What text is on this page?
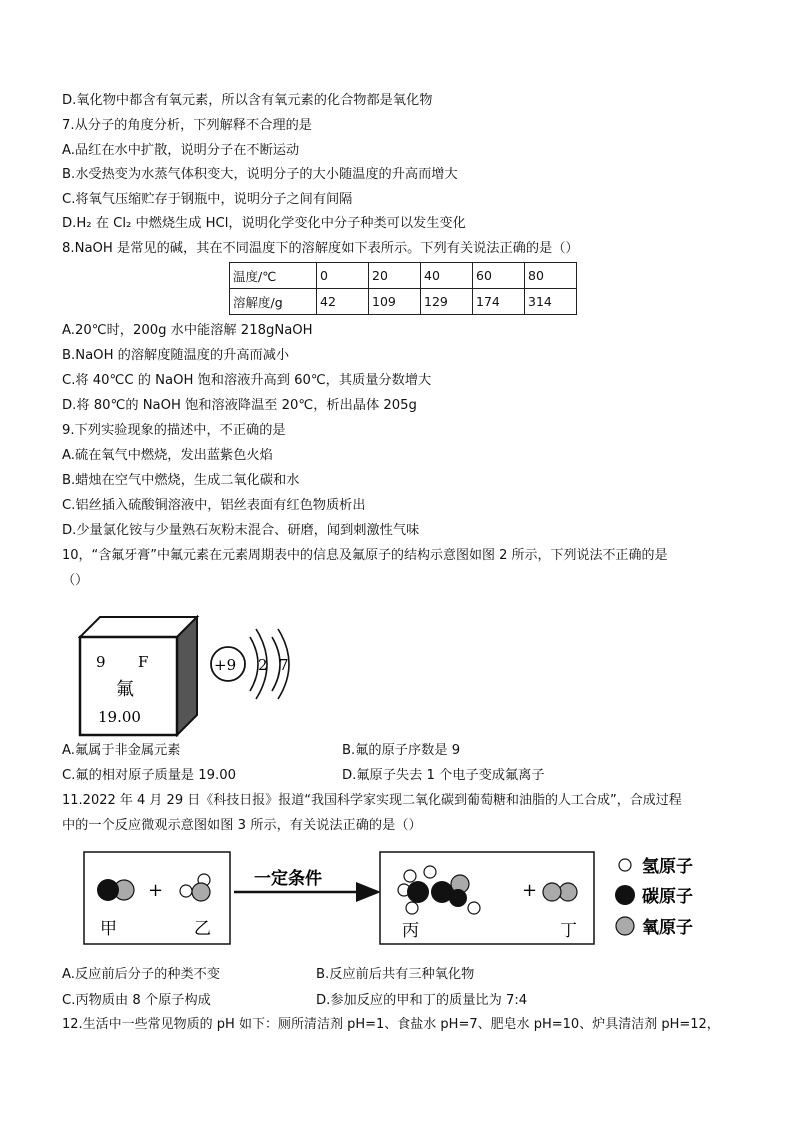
D.氧化物中都含有氧元素，所以含有氧元素的化合物都是氧化物
7.从分子的角度分析，下列解释不合理的是
A.品红在水中扩散，说明分子在不断运动
B.水受热变为水蒸气体积变大，说明分子的大小随温度的升高而增大
C.将氧气压缩贮存于钢瓶中，说明分子之间有间隔
D.H₂ 在 Cl₂ 中燃烧生成 HCl，说明化学变化中分子种类可以发生变化
8.NaOH 是常见的碱，其在不同温度下的溶解度如下表所示。下列有关说法正确的是（）
温度/℃	0	20	40	60	80
溶解度/g	42	109	129	174	314
A.20℃时，200g 水中能溶解 218gNaOH
B.NaOH 的溶解度随温度的升高而减小
C.将 40℃C 的 NaOH 饱和溶液升高到 60℃，其质量分数增大
D.将 80℃的 NaOH 饱和溶液降温至 20℃，析出晶体 205g
9.下列实验现象的描述中，不正确的是
A.硫在氧气中燃烧，发出蓝紫色火焰
B.蜡烛在空气中燃烧，生成二氧化碳和水
C.铝丝插入硫酸铜溶液中，铝丝表面有红色物质析出
D.少量氯化铵与少量熟石灰粉末混合、研磨，闻到刺激性气味
10，“含氟牙膏”中氟元素在元素周期表中的信息及氟原子的结构示意图如图 2 所示，下列说法不正确的是
（）
9 F
氟
19.00
+9 2 7
A.氟属于非金属元素	B.氟的原子序数是 9
C.氟的相对原子质量是 19.00	D.氟原子失去 1 个电子变成氟离子
11.2022 年 4 月 29 日《科技日报》报道“我国科学家实现二氧化碳到葡萄糖和油脂的人工合成”，合成过程
中的一个反应微观示意图如图 3 所示，有关说法正确的是（）
+
甲	乙
一定条件
+
丙	丁
氢原子
碳原子
氧原子
A.反应前后分子的种类不变	B.反应前后共有三种氧化物
C.丙物质由 8 个原子构成	D.参加反应的甲和丁的质量比为 7:4
12.生活中一些常见物质的 pH 如下：厕所清洁剂 pH=1、食盐水 pH=7、肥皂水 pH=10、炉具清洁剂 pH=12，
